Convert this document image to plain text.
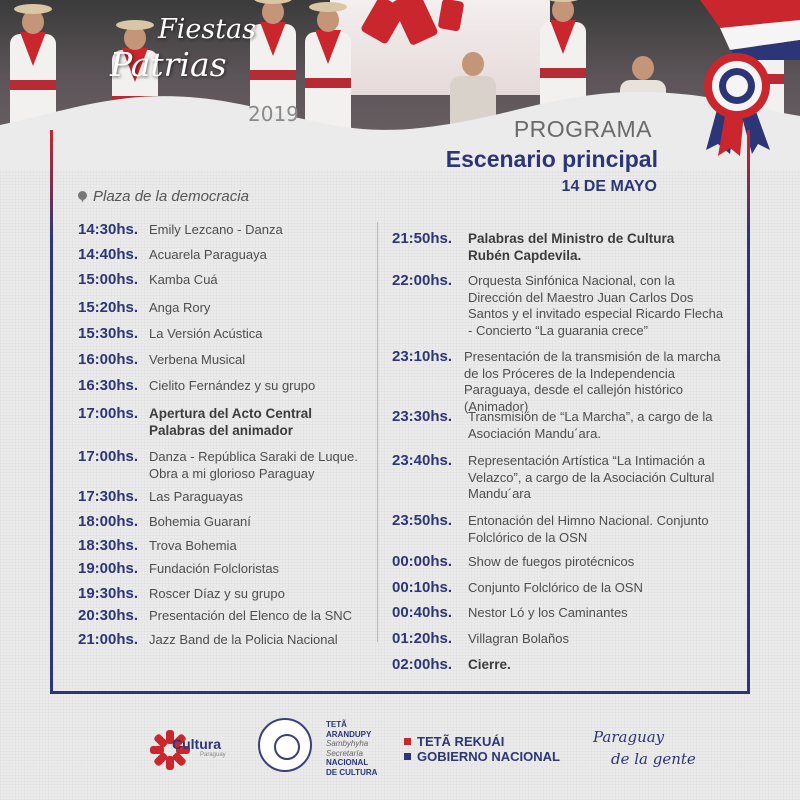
Fiestas
Patrias
2019
PROGRAMA
Escenario principal
14 DE MAYO
Plaza de la democracia
14:30hs. Emily Lezcano - Danza
14:40hs. Acuarela Paraguaya
15:00hs. Kamba Cuá
15:20hs. Anga Rory
15:30hs. La Versión Acústica
16:00hs. Verbena Musical
16:30hs. Cielito Fernández y su grupo
17:00hs. Apertura del Acto Central Palabras del animador
17:00hs. Danza - República Saraki de Luque. Obra a mi glorioso Paraguay
17:30hs. Las Paraguayas
18:00hs. Bohemia Guaraní
18:30hs. Trova Bohemia
19:00hs. Fundación Folcloristas
19:30hs. Roscer Díaz y su grupo
20:30hs. Presentación del Elenco de la SNC
21:00hs. Jazz Band de la Policia Nacional
21:50hs. Palabras del Ministro de Cultura Rubén Capdevila.
22:00hs. Orquesta Sinfónica Nacional, con la Dirección del Maestro Juan Carlos Dos Santos y el invitado especial Ricardo Flecha - Concierto “La guarania crece”
23:10hs. Presentación de la transmisión de la marcha de los Próceres de la Independencia Paraguaya, desde el callejón histórico (Animador)
23:30hs. Transmisión de “La Marcha”, a cargo de la Asociación Mandu´ara.
23:40hs. Representación Artística “La Intimación a Velazco”, a cargo de la Asociación Cultural Mandu´ara
23:50hs. Entonación del Himno Nacional. Conjunto Folclórico de la OSN
00:00hs. Show de fuegos pirotécnicos
00:10hs. Conjunto Folclórico de la OSN
00:40hs. Nestor Ló y los Caminantes
01:20hs. Villagran Bolaños
02:00hs. Cierre.
Cultura
Paraguay
TETÃ
ARANDUPY
Sambyhyha
Secretaría
NACIONAL
DE CULTURA
TETÃ REKUÁI
GOBIERNO NACIONAL
Paraguay
de la gente
